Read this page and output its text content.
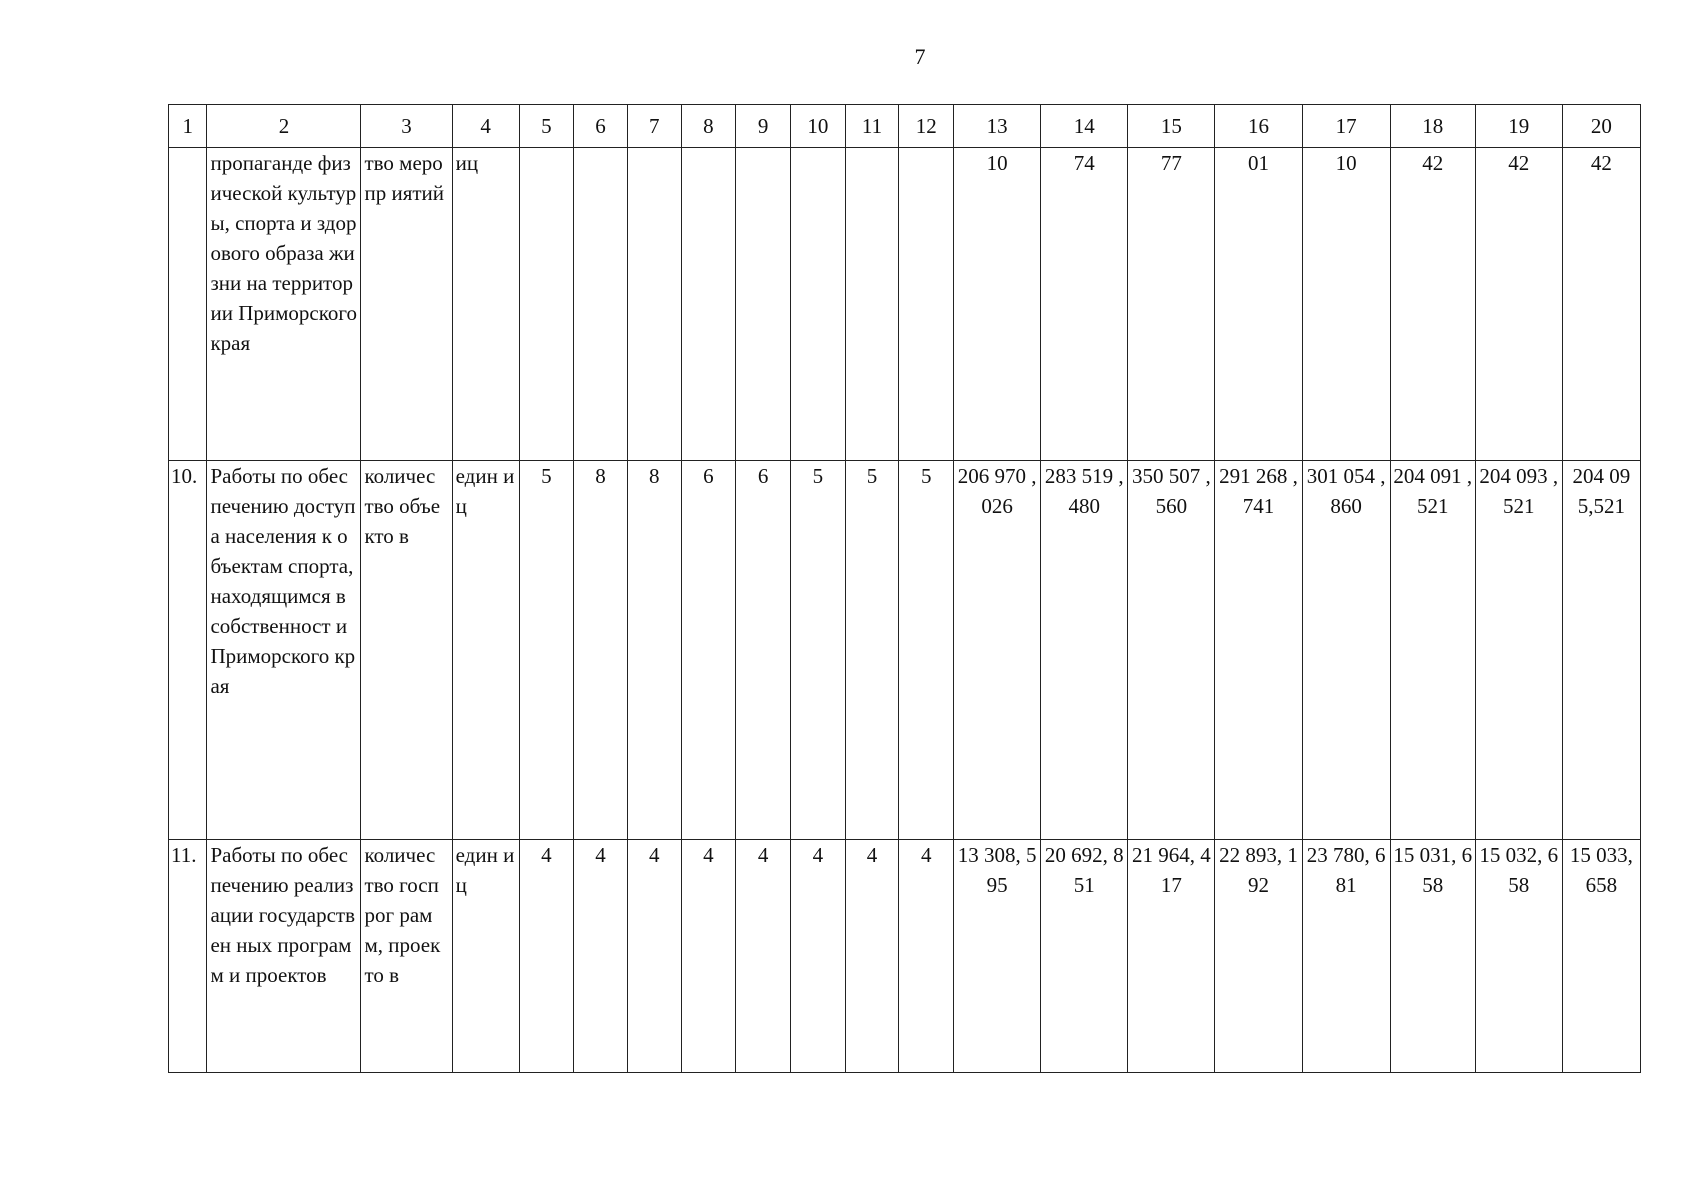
7
1	2	3	4	5	6	7	8	9	10	11	12	13	14	15	16	17	18	19	20
	пропаганде физической культуры, спорта и здорового образа жизни на территории Приморского края	тво меропр иятий	иц									10	74	77	01	10	42	42	42
10.	Работы по обеспечению доступа населения к объектам спорта, находящимся в собственност и Приморского края	количес тво объекто в	един иц	5	8	8	6	6	5	5	5	206 970 ,026	283 519 ,480	350 507 ,560	291 268 ,741	301 054 ,860	204 091 ,521	204 093 ,521	204 09 5,521
11.	Работы по обеспечению реализации государствен ных программ и проектов	количес тво госпрог рамм, проекто в	един иц	4	4	4	4	4	4	4	4	13 308, 595	20 692, 851	21 964, 417	22 893, 192	23 780, 681	15 031, 658	15 032, 658	15 033, 658
